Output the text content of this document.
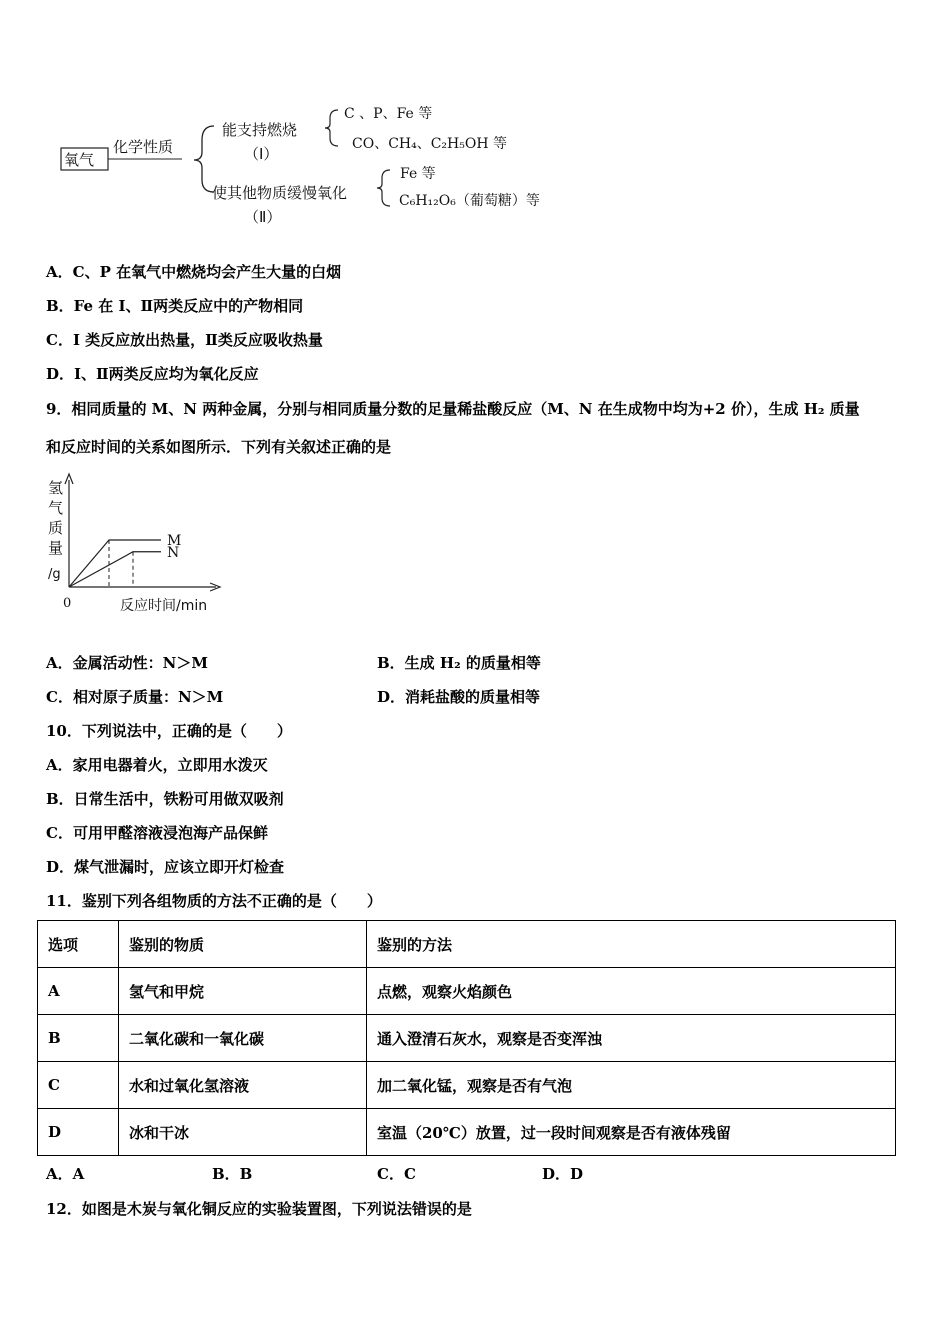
氧气
化学性质
能支持燃烧
（Ⅰ）
使其他物质缓慢氧化
（Ⅱ）
C 、P、Fe 等
CO、CH₄、C₂H₅OH 等
Fe 等
C₆H₁₂O₆（葡萄糖）等
A．C、P 在氧气中燃烧均会产生大量的白烟
B．Fe 在 I、Ⅱ两类反应中的产物相同
C．I 类反应放出热量，Ⅱ类反应吸收热量
D．I、Ⅱ两类反应均为氧化反应
9．相同质量的 M、N 两种金属，分别与相同质量分数的足量稀盐酸反应（M、N 在生成物中均为+2 价），生成 H₂ 质量
和反应时间的关系如图所示．下列有关叙述正确的是
氢
气
质
量
/g
0	反应时间/min
M
N
A．金属活动性：N＞M	B．生成 H₂ 的质量相等
C．相对原子质量：N＞M	D．消耗盐酸的质量相等
10．下列说法中，正确的是（　　）
A．家用电器着火，立即用水泼灭
B．日常生活中，铁粉可用做双吸剂
C．可用甲醛溶液浸泡海产品保鲜
D．煤气泄漏时，应该立即开灯检查
11．鉴别下列各组物质的方法不正确的是（　　）
选项	鉴别的物质	鉴别的方法
A	氢气和甲烷	点燃，观察火焰颜色
B	二氧化碳和一氧化碳	通入澄清石灰水，观察是否变浑浊
C	水和过氧化氢溶液	加二氧化锰，观察是否有气泡
D	冰和干冰	室温（20℃）放置，过一段时间观察是否有液体残留
A．A	B．B	C．C	D．D
12．如图是木炭与氧化铜反应的实验装置图，下列说法错误的是
